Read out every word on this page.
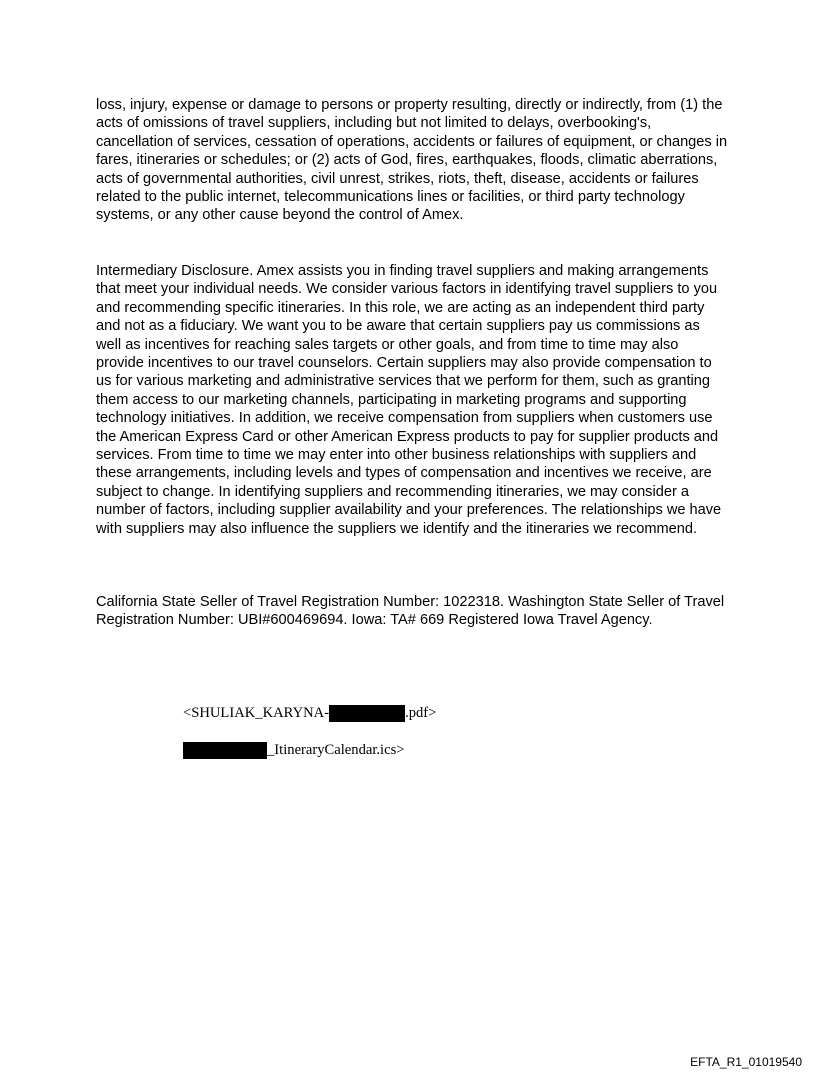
loss, injury, expense or damage to persons or property resulting, directly or indirectly, from (1) the acts of omissions of travel suppliers, including but not limited to delays, overbooking's, cancellation of services, cessation of operations, accidents or failures of equipment, or changes in fares, itineraries or schedules; or (2) acts of God, fires, earthquakes, floods, climatic aberrations, acts of governmental authorities, civil unrest, strikes, riots, theft, disease, accidents or failures related to the public internet, telecommunications lines or facilities, or third party technology systems, or any other cause beyond the control of Amex.

Intermediary Disclosure. Amex assists you in finding travel suppliers and making arrangements that meet your individual needs. We consider various factors in identifying travel suppliers to you and recommending specific itineraries. In this role, we are acting as an independent third party and not as a fiduciary. We want you to be aware that certain suppliers pay us commissions as well as incentives for reaching sales targets or other goals, and from time to time may also provide incentives to our travel counselors. Certain suppliers may also provide compensation to us for various marketing and administrative services that we perform for them, such as granting them access to our marketing channels, participating in marketing programs and supporting technology initiatives. In addition, we receive compensation from suppliers when customers use the American Express Card or other American Express products to pay for supplier products and services. From time to time we may enter into other business relationships with suppliers and these arrangements, including levels and types of compensation and incentives we receive, are subject to change. In identifying suppliers and recommending itineraries, we may consider a number of factors, including supplier availability and your preferences. The relationships we have with suppliers may also influence the suppliers we identify and the itineraries we recommend.

California State Seller of Travel Registration Number: 1022318. Washington State Seller of Travel Registration Number: UBI#600469694. Iowa: TA# 669 Registered Iowa Travel Agency.

<SHULIAK_KARYNA-	.pdf>
_ItineraryCalendar.ics>
EFTA_R1_01019540
